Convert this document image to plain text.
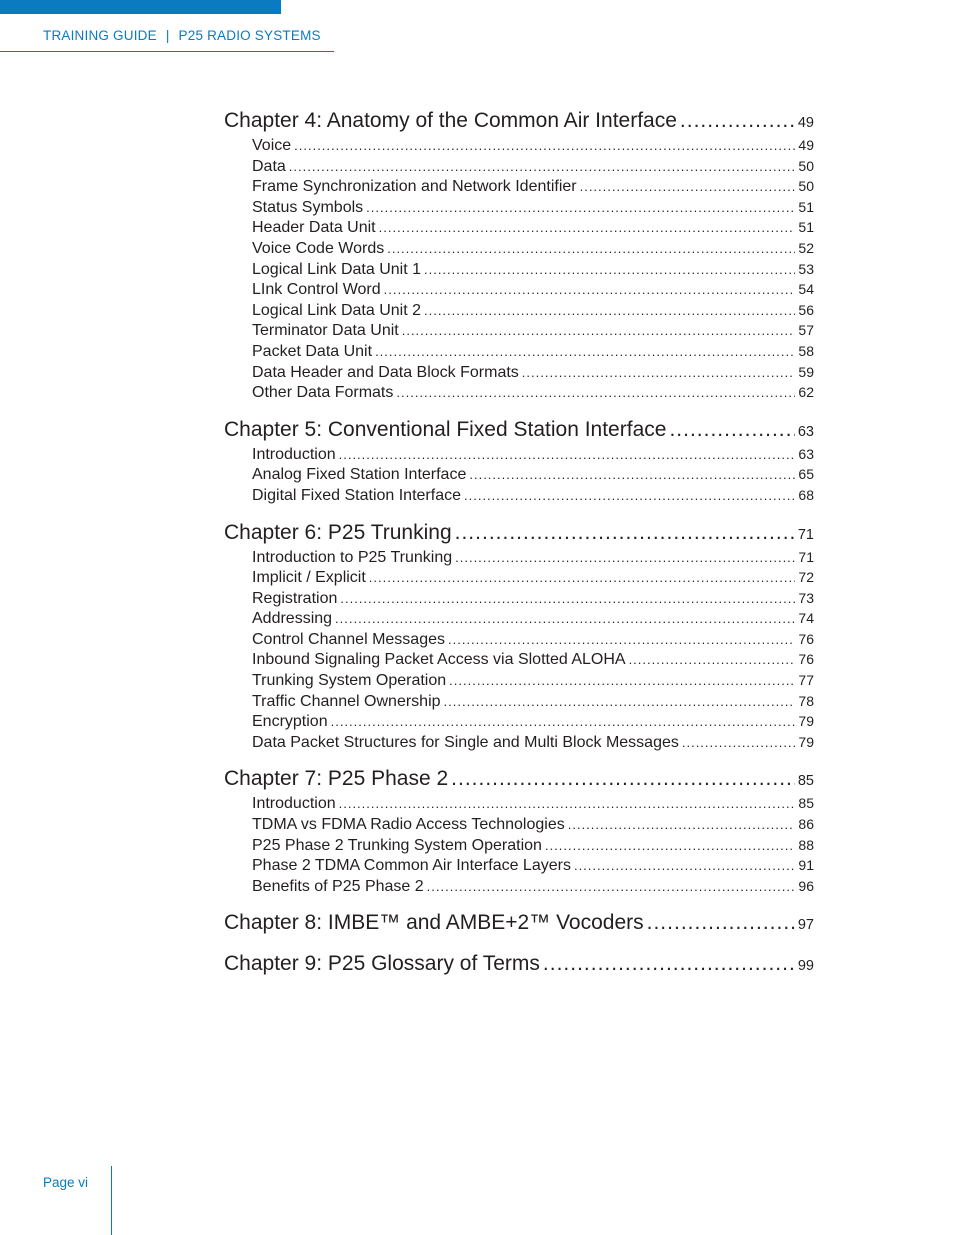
TRAINING GUIDE | P25 RADIO SYSTEMS
Chapter 4: Anatomy of the Common Air Interface .....	49
Voice .....	49
Data .....	50
Frame Synchronization and Network Identifier .....	50
Status Symbols .....	51
Header Data Unit .....	51
Voice Code Words .....	52
Logical Link Data Unit 1 .....	53
LInk Control Word .....	54
Logical Link Data Unit 2 .....	56
Terminator Data Unit .....	57
Packet Data Unit .....	58
Data Header and Data Block Formats .....	59
Other Data Formats .....	62
Chapter 5: Conventional Fixed Station Interface .....	63
Introduction .....	63
Analog Fixed Station Interface .....	65
Digital Fixed Station Interface .....	68
Chapter 6: P25 Trunking .....	71
Introduction to P25 Trunking .....	71
Implicit / Explicit .....	72
Registration .....	73
Addressing .....	74
Control Channel Messages .....	76
Inbound Signaling Packet Access via Slotted ALOHA .....	76
Trunking System Operation .....	77
Traffic Channel Ownership .....	78
Encryption .....	79
Data Packet Structures for Single and Multi Block Messages .....	79
Chapter 7: P25 Phase 2 .....	85
Introduction .....	85
TDMA vs FDMA Radio Access Technologies .....	86
P25 Phase 2 Trunking System Operation .....	88
Phase 2 TDMA Common Air Interface Layers .....	91
Benefits of P25 Phase 2 .....	96
Chapter 8: IMBE™ and AMBE+2™ Vocoders .....	97
Chapter 9: P25 Glossary of Terms .....	99
Page vi
